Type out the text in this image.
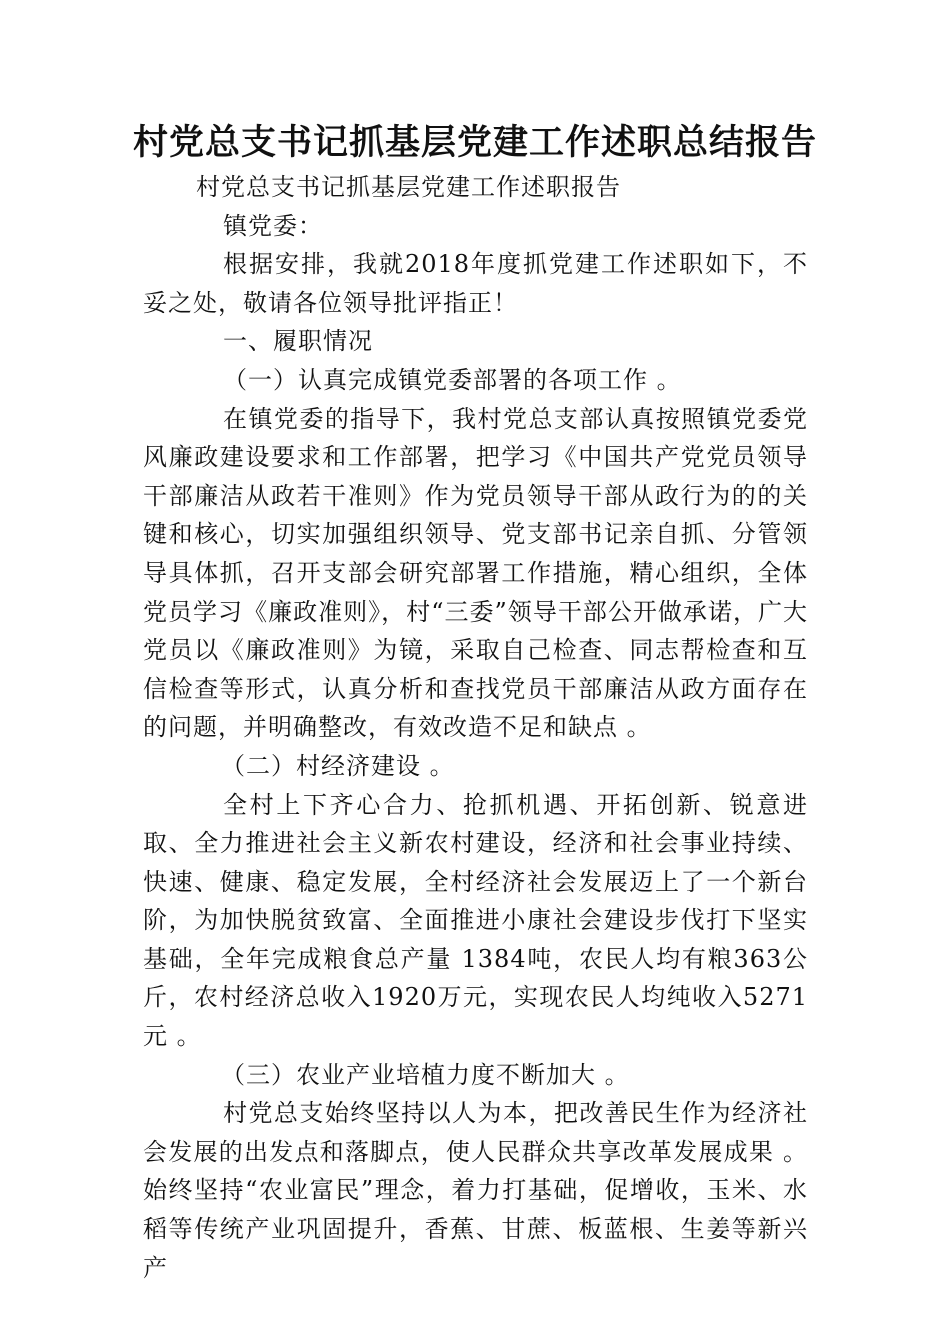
村党总支书记抓基层党建工作述职总结报告

村党总支书记抓基层党建工作述职报告

镇党委：

根据安排，我就2018年度抓党建工作述职如下，不妥之处，敬请各位领导批评指正！

一、履职情况

（一）认真完成镇党委部署的各项工作 。

在镇党委的指导下，我村党总支部认真按照镇党委党风廉政建设要求和工作部署，把学习《中国共产党党员领导干部廉洁从政若干准则》作为党员领导干部从政行为的的关键和核心，切实加强组织领导、党支部书记亲自抓、分管领导具体抓，召开支部会研究部署工作措施，精心组织，全体党员学习《廉政准则》，村“三委”领导干部公开做承诺，广大党员以《廉政准则》为镜，采取自己检查、同志帮检查和互信检查等形式，认真分析和查找党员干部廉洁从政方面存在的问题，并明确整改，有效改造不足和缺点 。

（二）村经济建设 。

全村上下齐心合力、抢抓机遇、开拓创新、锐意进取、全力推进社会主义新农村建设，经济和社会事业持续、快速、健康、稳定发展，全村经济社会发展迈上了一个新台阶，为加快脱贫致富、全面推进小康社会建设步伐打下坚实基础，全年完成粮食总产量 1384吨，农民人均有粮363公斤，农村经济总收入1920万元，实现农民人均纯收入5271元 。

（三）农业产业培植力度不断加大 。

村党总支始终坚持以人为本，把改善民生作为经济社会发展的出发点和落脚点，使人民群众共享改革发展成果 。始终坚持“农业富民”理念，着力打基础，促增收，玉米、水稻等传统产业巩固提升，香蕉、甘蔗、板蓝根、生姜等新兴产
